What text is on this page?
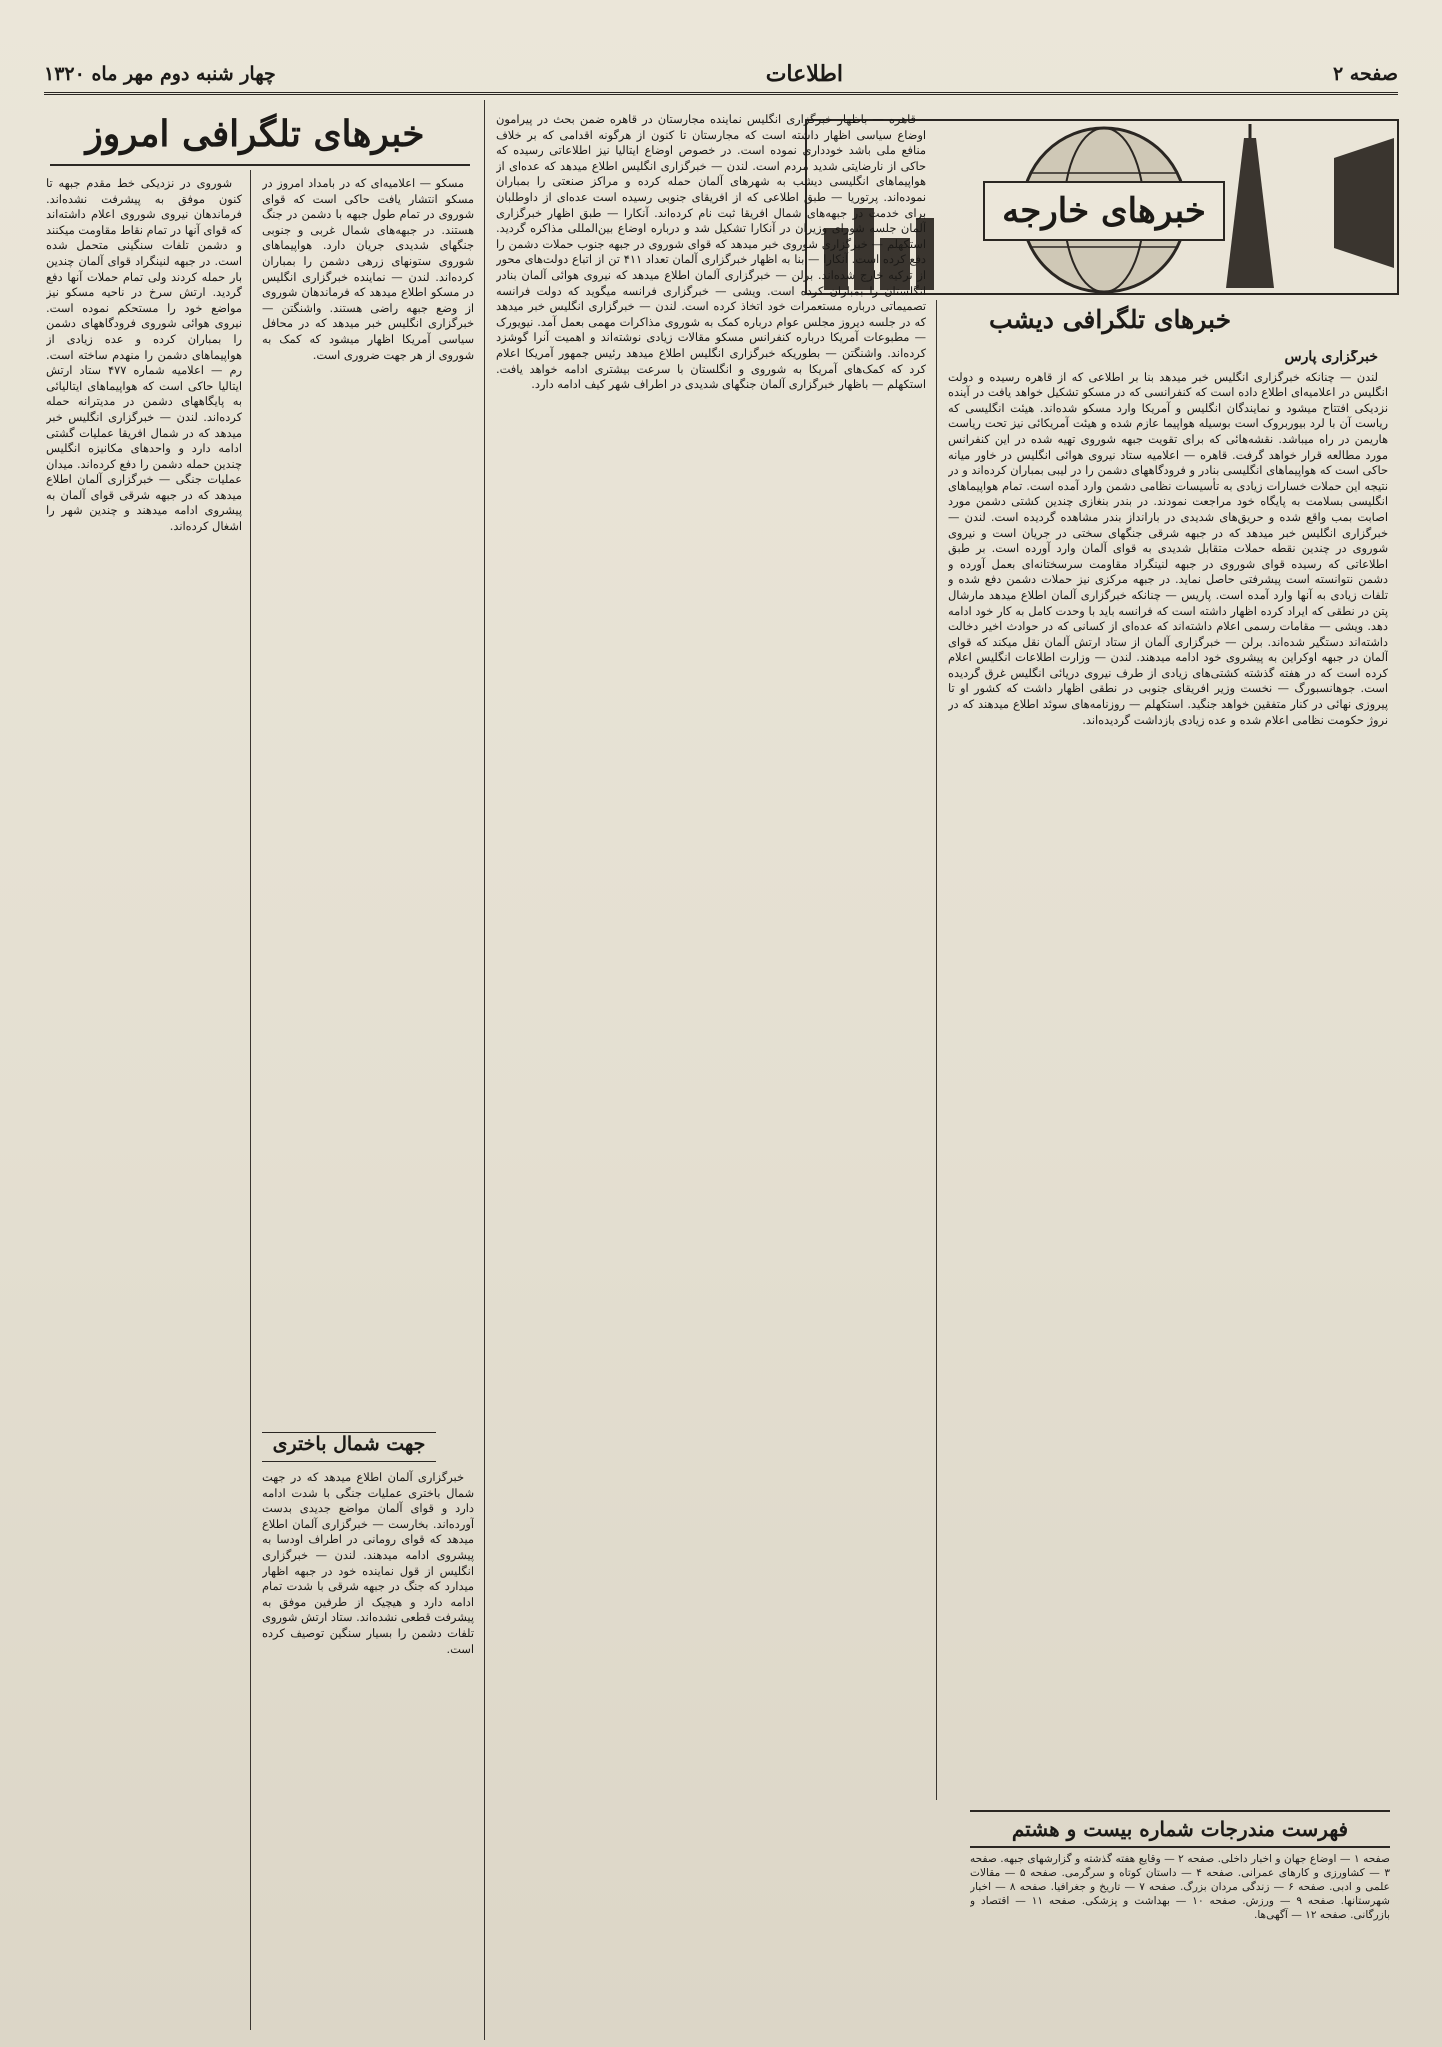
صفحه ۲
اطلاعات
چهار شنبه دوم مهر ماه ۱۳۲۰
خبرهای خارجه
خبرهای تلگرافی دیشب

خبرگزاری پارس

لندن — چنانکه خبرگزاری انگلیس خبر میدهد بنا بر اطلاعی که از قاهره رسیده و دولت انگلیس در اعلامیه‌ای اطلاع داده است که کنفرانسی که در مسکو تشکیل خواهد یافت در آینده نزدیکی افتتاح میشود و نمایندگان انگلیس و آمریکا وارد مسکو شده‌اند. هیئت انگلیسی که ریاست آن با لرد بیوربروک است بوسیله هواپیما عازم شده و هیئت آمریکائی نیز تحت ریاست هاریمن در راه میباشد. نقشه‌هائی که برای تقویت جبهه شوروی تهیه شده در این کنفرانس مورد مطالعه قرار خواهد گرفت. قاهره — اعلامیه ستاد نیروی هوائی انگلیس در خاور میانه حاکی است که هواپیماهای انگلیسی بنادر و فرودگاههای دشمن را در لیبی بمباران کرده‌اند و در نتیجه این حملات خسارات زیادی به تأسیسات نظامی دشمن وارد آمده است. تمام هواپیماهای انگلیسی بسلامت به پایگاه خود مراجعت نمودند. در بندر بنغازی چندین کشتی دشمن مورد اصابت بمب واقع شده و حریق‌های شدیدی در بارانداز بندر مشاهده گردیده است. لندن — خبرگزاری انگلیس خبر میدهد که در جبهه شرقی جنگهای سختی در جریان است و نیروی شوروی در چندین نقطه حملات متقابل شدیدی به قوای آلمان وارد آورده است. بر طبق اطلاعاتی که رسیده قوای شوروی در جبهه لنینگراد مقاومت سرسختانه‌ای بعمل آورده و دشمن نتوانسته است پیشرفتی حاصل نماید. در جبهه مرکزی نیز حملات دشمن دفع شده و تلفات زیادی به آنها وارد آمده است. پاریس — چنانکه خبرگزاری آلمان اطلاع میدهد مارشال پتن در نطقی که ایراد کرده اظهار داشته است که فرانسه باید با وحدت کامل به کار خود ادامه دهد. ویشی — مقامات رسمی اعلام داشته‌اند که عده‌ای از کسانی که در حوادث اخیر دخالت داشته‌اند دستگیر شده‌اند. برلن — خبرگزاری آلمان از ستاد ارتش آلمان نقل میکند که قوای آلمان در جبهه اوکراین به پیشروی خود ادامه میدهند. لندن — وزارت اطلاعات انگلیس اعلام کرده است که در هفته گذشته کشتی‌های زیادی از طرف نیروی دریائی انگلیس غرق گردیده است. جوهانسبورگ — نخست وزیر افریقای جنوبی در نطقی اظهار داشت که کشور او تا پیروزی نهائی در کنار متفقین خواهد جنگید. استکهلم — روزنامه‌های سوئد اطلاع میدهند که در نروژ حکومت نظامی اعلام شده و عده زیادی بازداشت گردیده‌اند.

قاهره — باظهار خبرگزاری انگلیس نماینده مجارستان در قاهره ضمن بحث در پیرامون اوضاع سیاسی اظهار داشته است که مجارستان تا کنون از هرگونه اقدامی که بر خلاف منافع ملی باشد خودداری نموده است. در خصوص اوضاع ایتالیا نیز اطلاعاتی رسیده که حاکی از نارضایتی شدید مردم است. لندن — خبرگزاری انگلیس اطلاع میدهد که عده‌ای از هواپیماهای انگلیسی دیشب به شهرهای آلمان حمله کرده و مراکز صنعتی را بمباران نموده‌اند. پرتوریا — طبق اطلاعی که از افریقای جنوبی رسیده است عده‌ای از داوطلبان برای خدمت در جبهه‌های شمال افریقا ثبت نام کرده‌اند. آنکارا — طبق اظهار خبرگزاری آلمان جلسه شورای وزیران در آنکارا تشکیل شد و درباره اوضاع بین‌المللی مذاکره گردید. استکهلم — خبرگزاری شوروی خبر میدهد که قوای شوروی در جبهه جنوب حملات دشمن را دفع کرده است. آنکارا — بنا به اظهار خبرگزاری آلمان تعداد ۴۱۱ تن از اتباع دولت‌های محور از ترکیه خارج شده‌اند. برلن — خبرگزاری آلمان اطلاع میدهد که نیروی هوائی آلمان بنادر انگلستان را بمباران کرده است. ویشی — خبرگزاری فرانسه میگوید که دولت فرانسه تصمیماتی درباره مستعمرات خود اتخاذ کرده است. لندن — خبرگزاری انگلیس خبر میدهد که در جلسه دیروز مجلس عوام درباره کمک به شوروی مذاکرات مهمی بعمل آمد. نیویورک — مطبوعات آمریکا درباره کنفرانس مسکو مقالات زیادی نوشته‌اند و اهمیت آنرا گوشزد کرده‌اند. واشنگتن — بطوریکه خبرگزاری انگلیس اطلاع میدهد رئیس جمهور آمریکا اعلام کرد که کمک‌های آمریکا به شوروی و انگلستان با سرعت بیشتری ادامه خواهد یافت. استکهلم — باظهار خبرگزاری آلمان جنگهای شدیدی در اطراف شهر کیف ادامه دارد.

خبرهای تلگرافی امروز

مسکو — اعلامیه‌ای که در بامداد امروز در مسکو انتشار یافت حاکی است که قوای شوروی در تمام طول جبهه با دشمن در جنگ هستند. در جبهه‌های شمال غربی و جنوبی جنگهای شدیدی جریان دارد. هواپیماهای شوروی ستونهای زرهی دشمن را بمباران کرده‌اند. لندن — نماینده خبرگزاری انگلیس در مسکو اطلاع میدهد که فرماندهان شوروی از وضع جبهه راضی هستند. واشنگتن — خبرگزاری انگلیس خبر میدهد که در محافل سیاسی آمریکا اظهار میشود که کمک به شوروی از هر جهت ضروری است.

جهت شمال باختری

خبرگزاری آلمان اطلاع میدهد که در جهت شمال باختری عملیات جنگی با شدت ادامه دارد و قوای آلمان مواضع جدیدی بدست آورده‌اند. بخارست — خبرگزاری آلمان اطلاع میدهد که قوای رومانی در اطراف اودسا به پیشروی ادامه میدهند. لندن — خبرگزاری انگلیس از قول نماینده خود در جبهه اظهار میدارد که جنگ در جبهه شرقی با شدت تمام ادامه دارد و هیچیک از طرفین موفق به پیشرفت قطعی نشده‌اند. ستاد ارتش شوروی تلفات دشمن را بسیار سنگین توصیف کرده است.

شوروی در نزدیکی خط مقدم جبهه تا کنون موفق به پیشرفت نشده‌اند. فرماندهان نیروی شوروی اعلام داشته‌اند که قوای آنها در تمام نقاط مقاومت میکنند و دشمن تلفات سنگینی متحمل شده است. در جبهه لنینگراد قوای آلمان چندین بار حمله کردند ولی تمام حملات آنها دفع گردید. ارتش سرخ در ناحیه مسکو نیز مواضع خود را مستحکم نموده است. نیروی هوائی شوروی فرودگاههای دشمن را بمباران کرده و عده زیادی از هواپیماهای دشمن را منهدم ساخته است. رم — اعلامیه شماره ۴۷۷ ستاد ارتش ایتالیا حاکی است که هواپیماهای ایتالیائی به پایگاههای دشمن در مدیترانه حمله کرده‌اند. لندن — خبرگزاری انگلیس خبر میدهد که در شمال افریقا عملیات گشتی ادامه دارد و واحدهای مکانیزه انگلیس چندین حمله دشمن را دفع کرده‌اند. میدان عملیات جنگی — خبرگزاری آلمان اطلاع میدهد که در جبهه شرقی قوای آلمان به پیشروی ادامه میدهند و چندین شهر را اشغال کرده‌اند.

فهرست مندرجات شماره بیست و هشتم
صفحه ۱ — اوضاع جهان و اخبار داخلی. صفحه ۲ — وقایع هفته گذشته و گزارشهای جبهه. صفحه ۳ — کشاورزی و کارهای عمرانی. صفحه ۴ — داستان کوتاه و سرگرمی. صفحه ۵ — مقالات علمی و ادبی. صفحه ۶ — زندگی مردان بزرگ. صفحه ۷ — تاریخ و جغرافیا. صفحه ۸ — اخبار شهرستانها. صفحه ۹ — ورزش. صفحه ۱۰ — بهداشت و پزشکی. صفحه ۱۱ — اقتصاد و بازرگانی. صفحه ۱۲ — آگهی‌ها.
